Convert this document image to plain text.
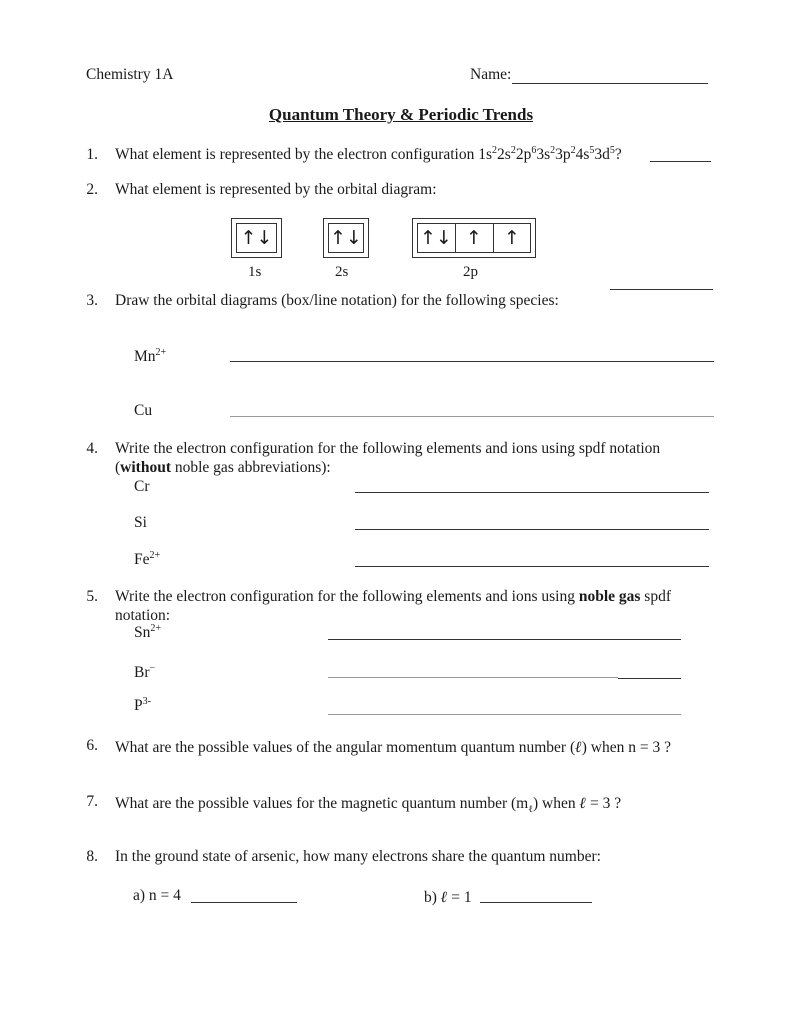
Chemistry 1A	Name:
Quantum Theory & Periodic Trends
1. What element is represented by the electron configuration $1s^22s^22p^63s^23p^24s^53d^5$?
2. What element is represented by the orbital diagram:
↑↓	↑↓	↑↓ ↑	↑
1s	2s	2p
3. Draw the orbital diagrams (box/line notation) for the following species:
$Mn^{2+}$
Cu
4. Write the electron configuration for the following elements and ions using spdf notation
(without noble gas abbreviations):
Cr
Si
$Fe^{2+}$
5. Write the electron configuration for the following elements and ions using noble gas spdf
notation:
$Sn^{2+}$
Br−
$P^{3-}$
6. What are the possible values of the angular momentum quantum number (ℓ) when n = 3 ?
7. What are the possible values for the magnetic quantum number $(m_\ell)$ when ℓ = 3 ?
8. In the ground state of arsenic, how many electrons share the quantum number:
a) n = 4	b) ℓ = 1
